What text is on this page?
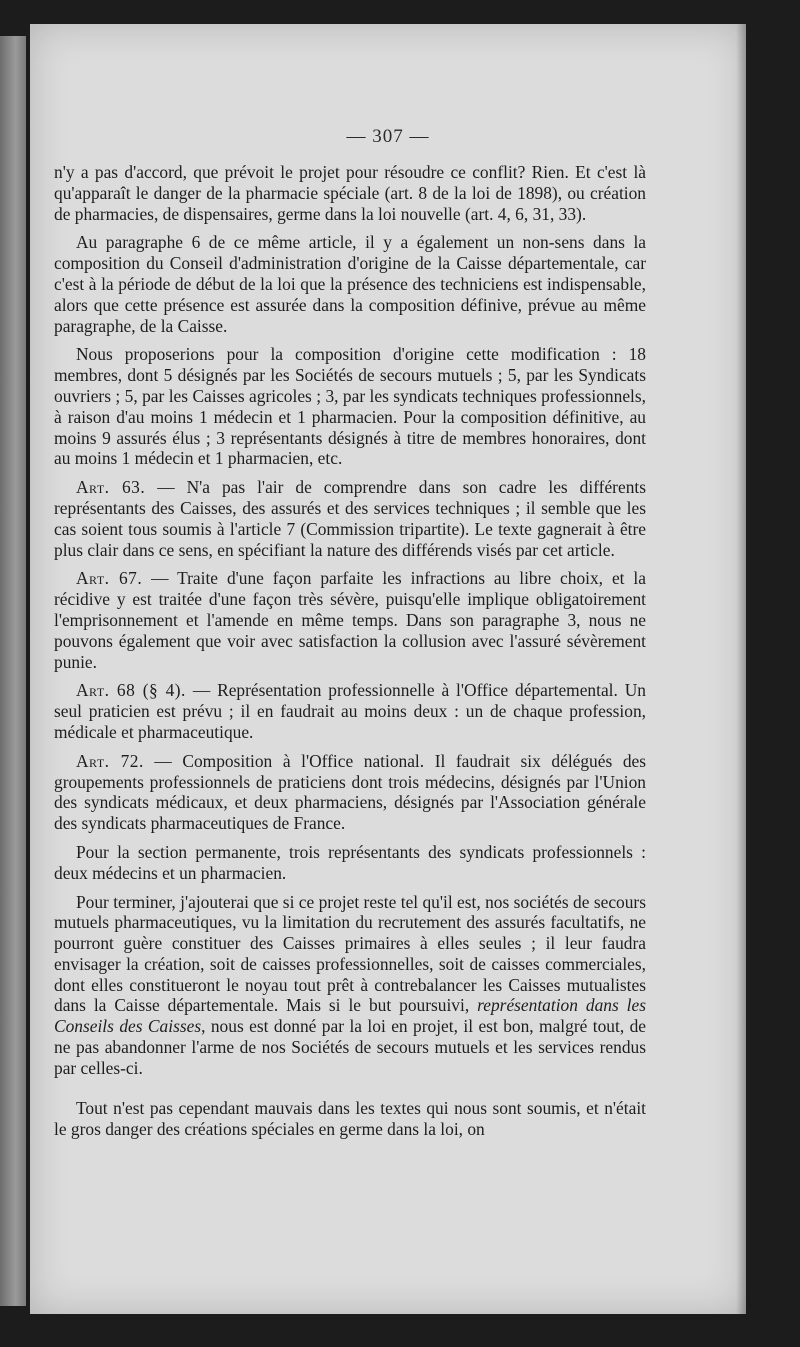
— 307 —

n'y a pas d'accord, que prévoit le projet pour résoudre ce conflit? Rien. Et c'est là qu'apparaît le danger de la pharmacie spéciale (art. 8 de la loi de 1898), ou création de pharmacies, de dispensaires, germe dans la loi nouvelle (art. 4, 6, 31, 33).

Au paragraphe 6 de ce même article, il y a également un non-sens dans la composition du Conseil d'administration d'origine de la Caisse départementale, car c'est à la période de début de la loi que la présence des techniciens est indispensable, alors que cette présence est assurée dans la composition définive, prévue au même paragraphe, de la Caisse.

Nous proposerions pour la composition d'origine cette modification : 18 membres, dont 5 désignés par les Sociétés de secours mutuels ; 5, par les Syndicats ouvriers ; 5, par les Caisses agricoles ; 3, par les syndicats techniques professionnels, à raison d'au moins 1 médecin et 1 pharmacien. Pour la composition définitive, au moins 9 assurés élus ; 3 représentants désignés à titre de membres honoraires, dont au moins 1 médecin et 1 pharmacien, etc.

Art. 63. — N'a pas l'air de comprendre dans son cadre les différents représentants des Caisses, des assurés et des services techniques ; il semble que les cas soient tous soumis à l'article 7 (Commission tripartite). Le texte gagnerait à être plus clair dans ce sens, en spécifiant la nature des différends visés par cet article.

Art. 67. — Traite d'une façon parfaite les infractions au libre choix, et la récidive y est traitée d'une façon très sévère, puisqu'elle implique obligatoirement l'emprisonnement et l'amende en même temps. Dans son paragraphe 3, nous ne pouvons également que voir avec satisfaction la collusion avec l'assuré sévèrement punie.

Art. 68 (§ 4). — Représentation professionnelle à l'Office départemental. Un seul praticien est prévu ; il en faudrait au moins deux : un de chaque profession, médicale et pharmaceutique.

Art. 72. — Composition à l'Office national. Il faudrait six délégués des groupements professionnels de praticiens dont trois médecins, désignés par l'Union des syndicats médicaux, et deux pharmaciens, désignés par l'Association générale des syndicats pharmaceutiques de France.

Pour la section permanente, trois représentants des syndicats professionnels : deux médecins et un pharmacien.

Pour terminer, j'ajouterai que si ce projet reste tel qu'il est, nos sociétés de secours mutuels pharmaceutiques, vu la limitation du recrutement des assurés facultatifs, ne pourront guère constituer des Caisses primaires à elles seules ; il leur faudra envisager la création, soit de caisses professionnelles, soit de caisses commerciales, dont elles constitueront le noyau tout prêt à contrebalancer les Caisses mutualistes dans la Caisse départementale. Mais si le but poursuivi, représentation dans les Conseils des Caisses, nous est donné par la loi en projet, il est bon, malgré tout, de ne pas abandonner l'arme de nos Sociétés de secours mutuels et les services rendus par celles-ci.

Tout n'est pas cependant mauvais dans les textes qui nous sont soumis, et n'était le gros danger des créations spéciales en germe dans la loi, on
